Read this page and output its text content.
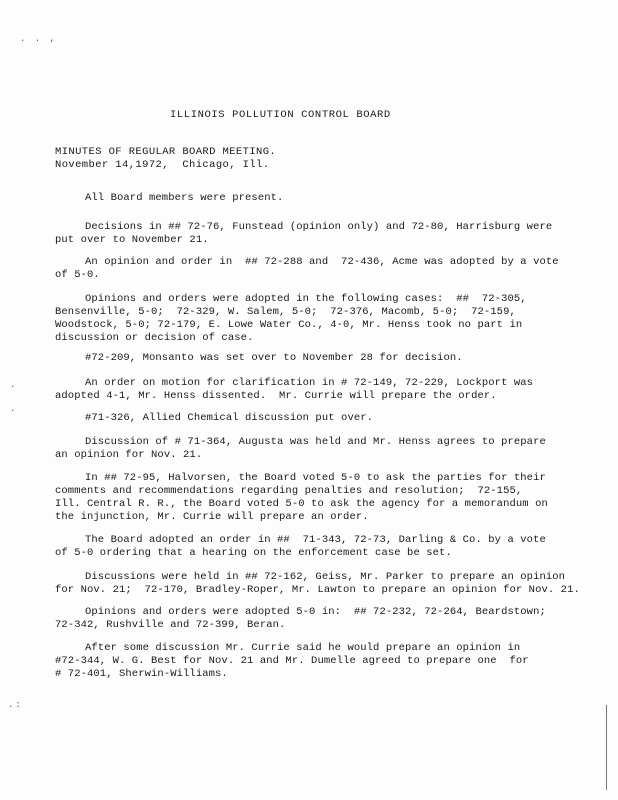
. . ,
.
.
.:
ILLINOIS POLLUTION CONTROL BOARD
MINUTES OF REGULAR BOARD MEETING.
November 14,1972,  Chicago, Ill.
All Board members were present.
Decisions in ## 72-76, Funstead (opinion only) and 72-80, Harrisburg were
put over to November 21.
An opinion and order in  ## 72-288 and  72-436, Acme was adopted by a vote
of 5-0.
Opinions and orders were adopted in the following cases:  ##  72-305,
Bensenville, 5-0;  72-329, W. Salem, 5-0;  72-376, Macomb, 5-0;  72-159,
Woodstock, 5-0; 72-179, E. Lowe Water Co., 4-0, Mr. Henss took no part in
discussion or decision of case.
#72-209, Monsanto was set over to November 28 for decision.
An order on motion for clarification in # 72-149, 72-229, Lockport was
adopted 4-1, Mr. Henss dissented.  Mr. Currie will prepare the order.
#71-326, Allied Chemical discussion put over.
Discussion of # 71-364, Augusta was held and Mr. Henss agrees to prepare
an opinion for Nov. 21.
In ## 72-95, Halvorsen, the Board voted 5-0 to ask the parties for their
comments and recommendations regarding penalties and resolution;  72-155,
Ill. Central R. R., the Board voted 5-0 to ask the agency for a memorandum on
the injunction, Mr. Currie will prepare an order.
The Board adopted an order in ##  71-343, 72-73, Darling & Co. by a vote
of 5-0 ordering that a hearing on the enforcement case be set.
Discussions were held in ## 72-162, Geiss, Mr. Parker to prepare an opinion
for Nov. 21;  72-170, Bradley-Roper, Mr. Lawton to prepare an opinion for Nov. 21.
Opinions and orders were adopted 5-0 in:  ## 72-232, 72-264, Beardstown;
72-342, Rushville and 72-399, Beran.
After some discussion Mr. Currie said he would prepare an opinion in
#72-344, W. G. Best for Nov. 21 and Mr. Dumelle agreed to prepare one  for
# 72-401, Sherwin-Williams.
